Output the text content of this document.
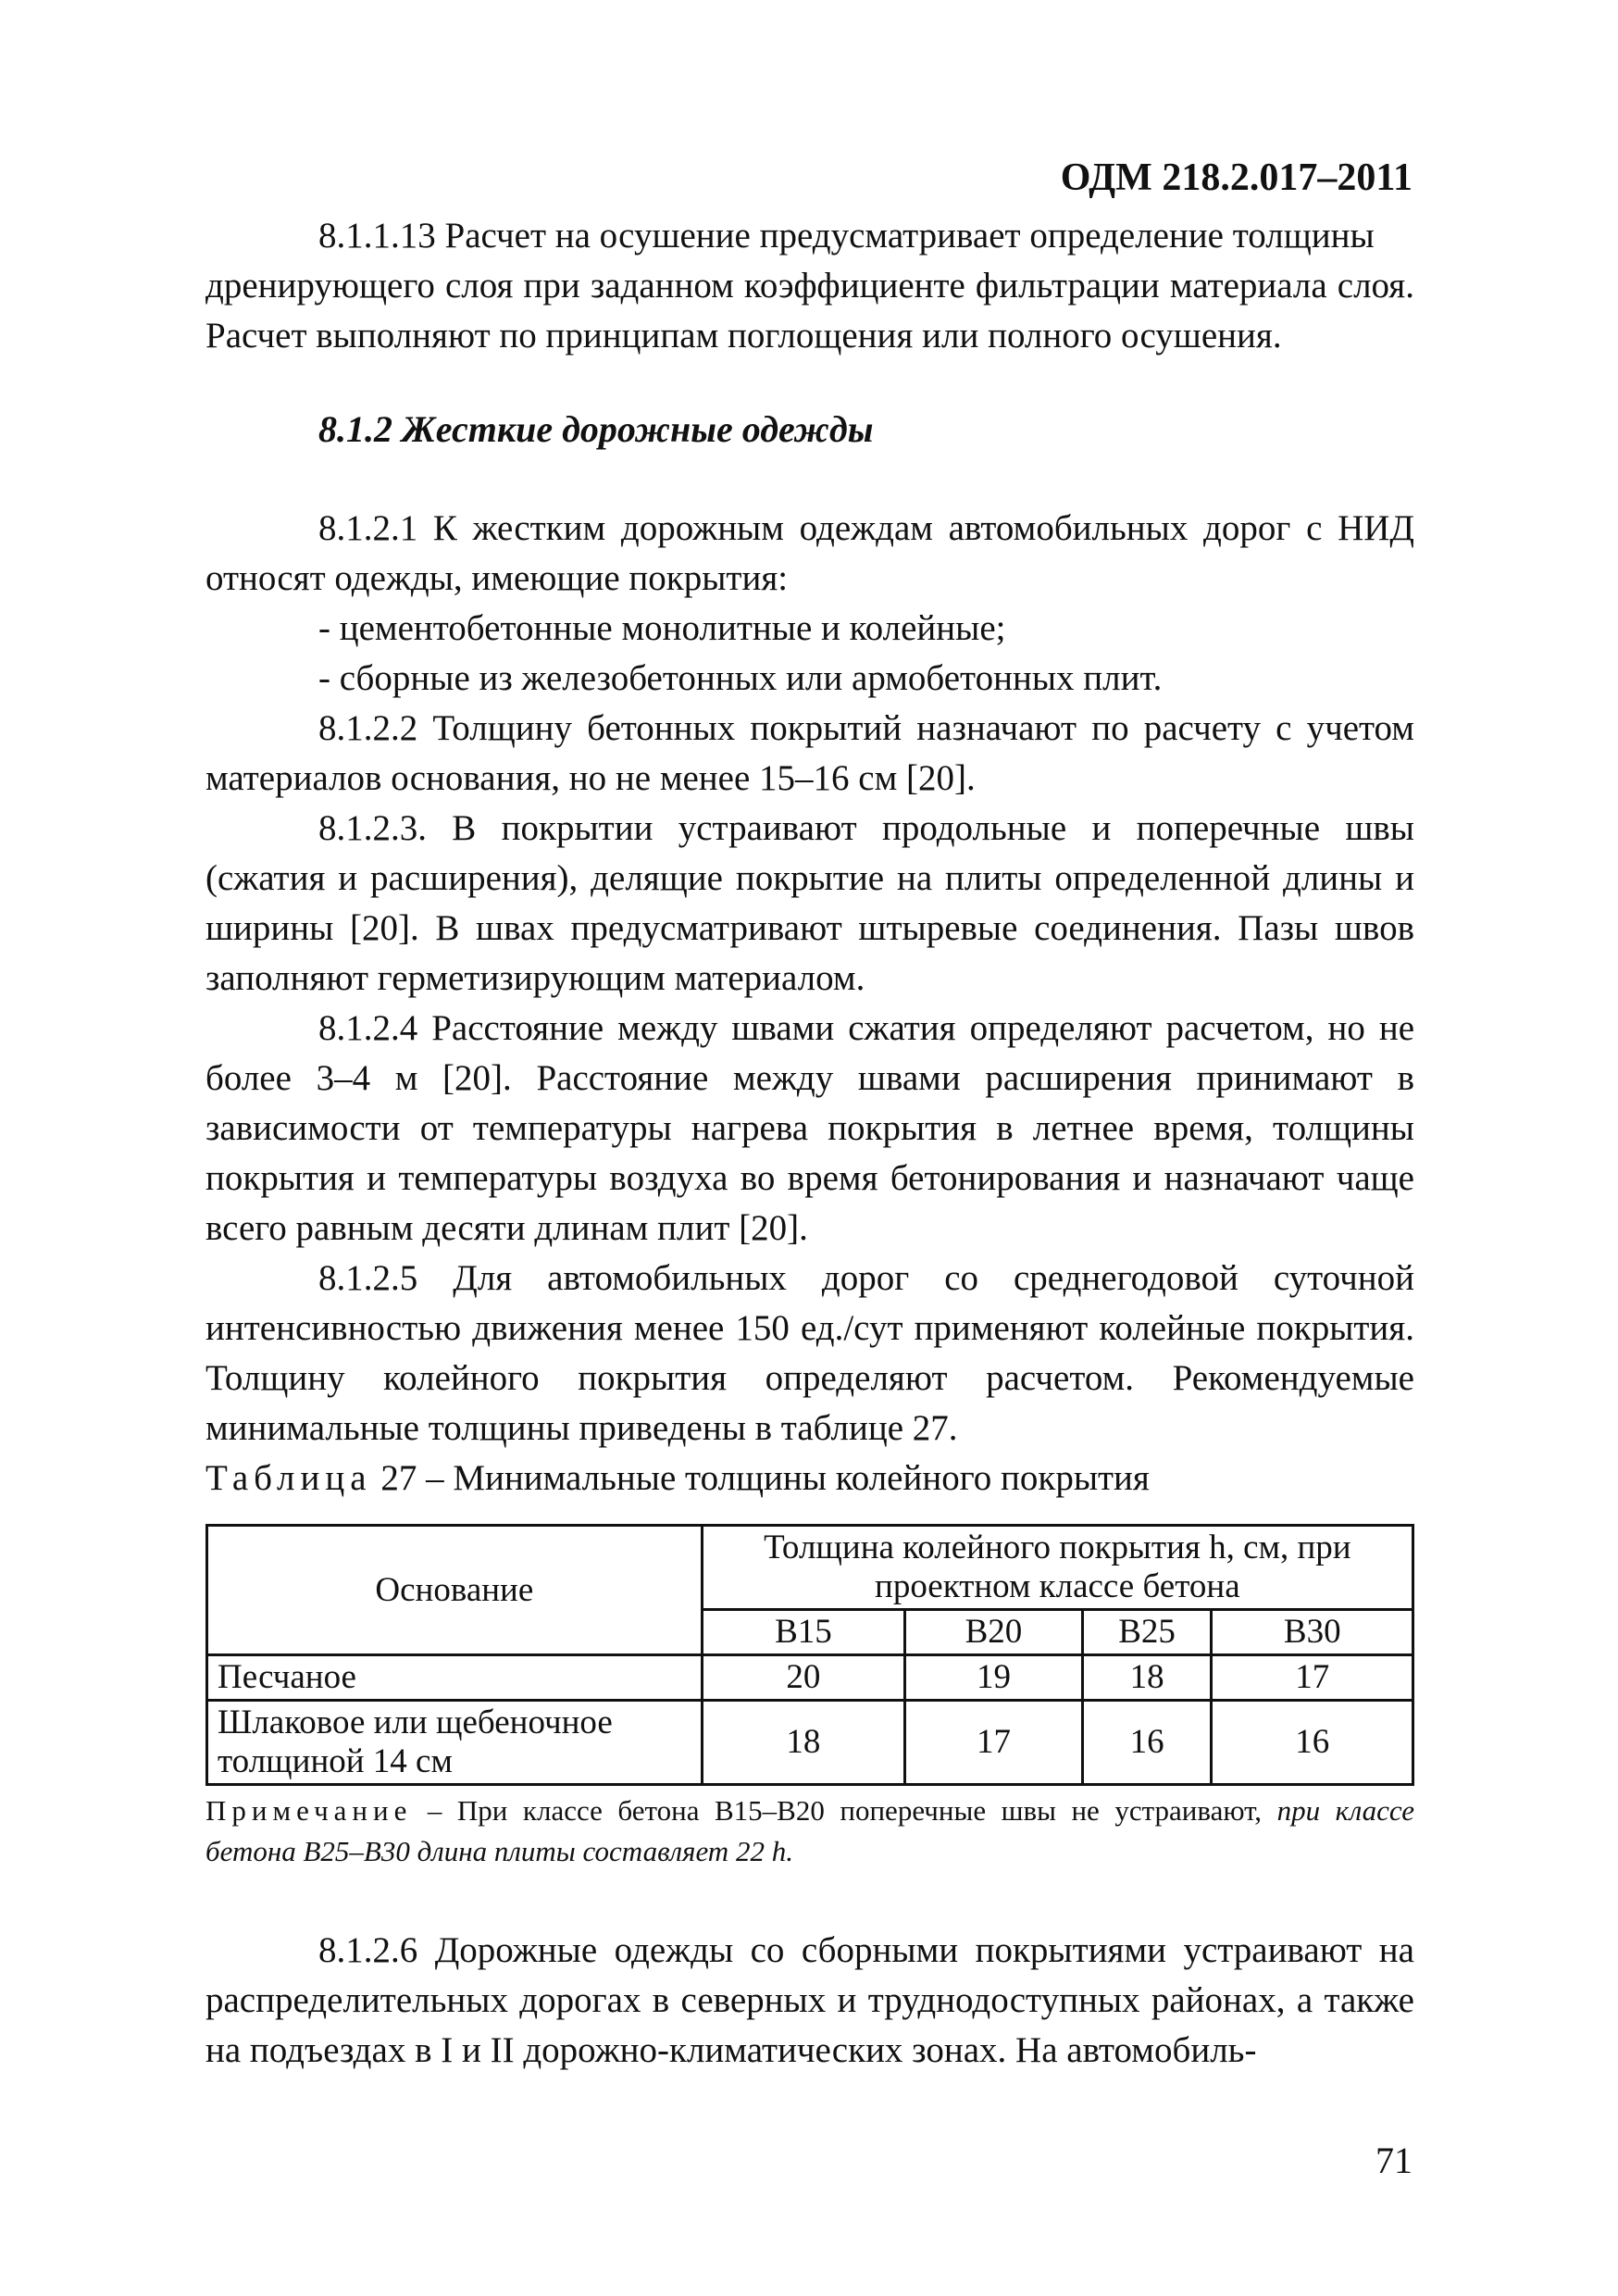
ОДМ 218.2.017–2011

8.1.1.13 Расчет на осушение предусматривает определение толщины

дренирующего слоя при заданном коэффициенте фильтрации материала слоя. Расчет выполняют по принципам поглощения или полного осушения.

8.1.2 Жесткие дорожные одежды

8.1.2.1 К жестким дорожным одеждам автомобильных дорог с НИД относят одежды, имеющие покрытия:

- цементобетонные монолитные и колейные;

- сборные из железобетонных или армобетонных плит.

8.1.2.2 Толщину бетонных покрытий назначают по расчету с учетом материалов основания, но не менее 15–16 см [20].

8.1.2.3. В покрытии устраивают продольные и поперечные швы (сжатия и расширения), делящие покрытие на плиты определенной длины и ширины [20]. В швах предусматривают штыревые соединения. Пазы швов заполняют герметизирующим материалом.

8.1.2.4 Расстояние между швами сжатия определяют расчетом, но не более 3–4 м [20]. Расстояние между швами расширения принимают в зависимости от температуры нагрева покрытия в летнее время, толщины покрытия и температуры воздуха во время бетонирования и назначают чаще всего равным десяти длинам плит [20].

8.1.2.5 Для автомобильных дорог со среднегодовой суточной интенсивностью движения менее 150 ед./сут применяют колейные покрытия. Толщину колейного покрытия определяют расчетом. Рекомендуемые минимальные толщины приведены в таблице 27.

Таблица 27 – Минимальные толщины колейного покрытия
Основание	Толщина колейного покрытия h, см, при проектном классе бетона			
	B15	B20	B25	B30
Песчаное	20	19	18	17
Шлаковое или щебеночное толщиной 14 см	18	17	16	16
Примечание – При классе бетона B15–B20 поперечные швы не устраивают, при классе бетона B25–B30 длина плиты составляет 22 h.

8.1.2.6 Дорожные одежды со сборными покрытиями устраивают на распределительных дорогах в северных и труднодоступных районах, а также на подъездах в I и II дорожно-климатических зонах. На автомобиль-

71
